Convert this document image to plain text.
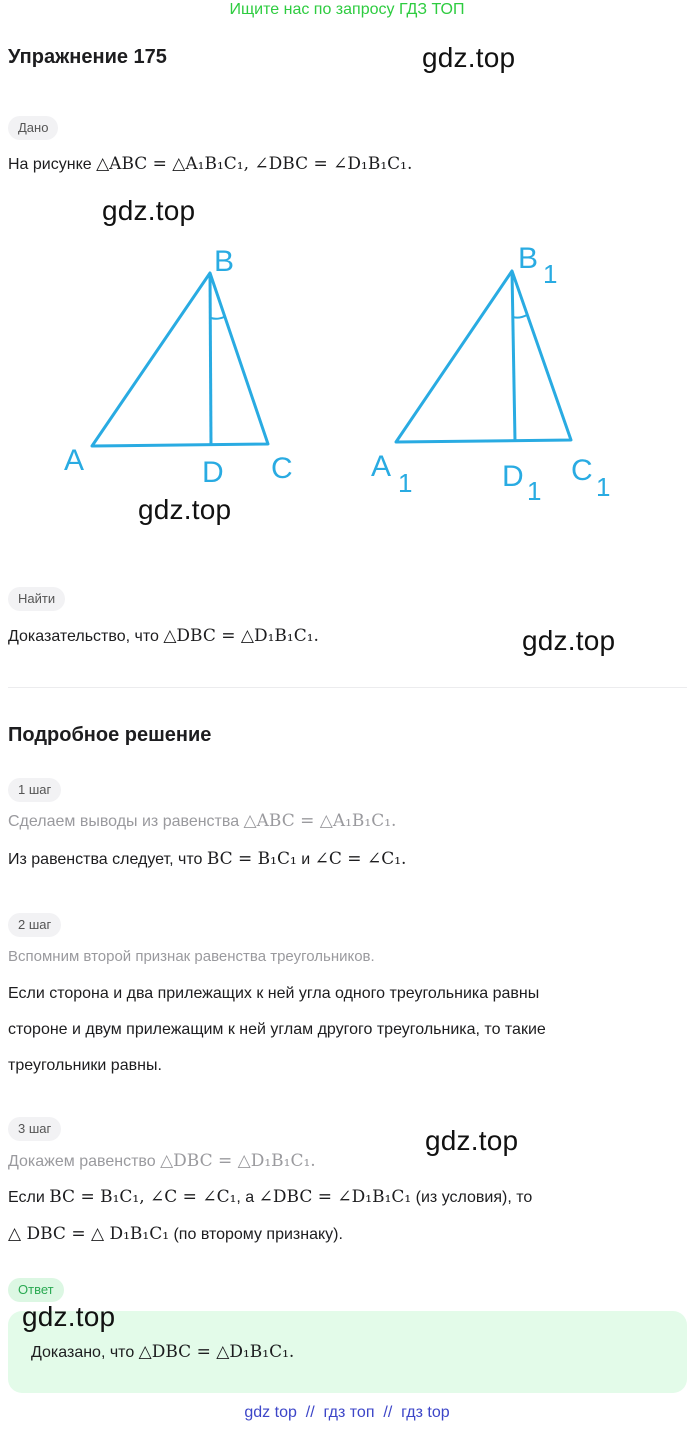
Ищите нас по запросу ГДЗ ТОП
Упражнение 175	gdz.top
Дано
На рисунке △ABC = △A₁B₁C₁, ∠DBC = ∠D₁B₁C₁.
gdz.top
A
B
C
D	A 1
B 1
D 1
C 1
gdz.top
Найти
Доказательство, что △DBC = △D₁B₁C₁.	gdz.top
Подробное решение
1 шаг
Сделаем выводы из равенства △ABC = △A₁B₁C₁.
Из равенства следует, что BC = B₁C₁ и ∠C = ∠C₁.
2 шаг
Вспомним второй признак равенства треугольников.
Если сторона и два прилежащих к ней угла одного треугольника равны
стороне и двум прилежащим к ней углам другого треугольника, то такие
треугольники равны.
3 шаг	gdz.top
Докажем равенство △DBC = △D₁B₁C₁.
Если BC = B₁C₁, ∠C = ∠C₁, а ∠DBC = ∠D₁B₁C₁ (из условия), то
△ DBC = △ D₁B₁C₁ (по второму признаку).
Ответ
gdz.top
Доказано, что △DBC = △D₁B₁C₁.
gdz top  //  гдз топ  //  гдз top
